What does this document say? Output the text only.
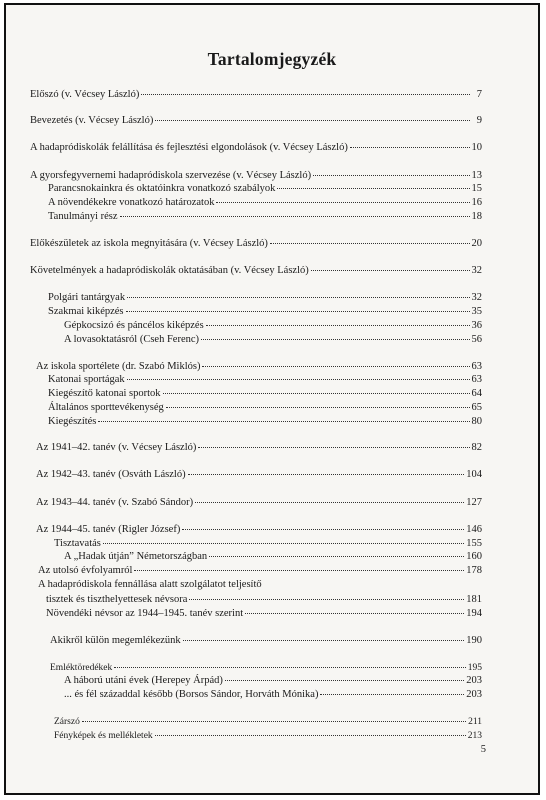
Tartalomjegyzék
Előszó (v. Vécsey László)	7
Bevezetés (v. Vécsey László)	9
A hadapródiskolák felállítása és fejlesztési elgondolások (v. Vécsey László)	10
A gyorsfegyvernemi hadapródiskola szervezése (v. Vécsey László)	13
Parancsnokainkra és oktatóinkra vonatkozó szabályok	15
A növendékekre vonatkozó határozatok	16
Tanulmányi rész	18
Előkészületek az iskola megnyitására (v. Vécsey László)	20
Követelmények a hadapródiskolák oktatásában (v. Vécsey László)	32
Polgári tantárgyak	32
Szakmai kiképzés	35
Gépkocsizó és páncélos kiképzés	36
A lovasoktatásról (Cseh Ferenc)	56
Az iskola sportélete (dr. Szabó Miklós)	63
Katonai sportágak	63
Kiegészítő katonai sportok	64
Általános sporttevékenység	65
Kiegészítés	80
Az 1941–42. tanév (v. Vécsey László)	82
Az 1942–43. tanév (Osváth László)	104
Az 1943–44. tanév (v. Szabó Sándor)	127
Az 1944–45. tanév (Rigler József)	146
Tisztavatás	155
A „Hadak útján” Németországban	160
Az utolsó évfolyamról	178
A hadapródiskola fennállása alatt szolgálatot teljesítő
tisztek és tiszthelyettesek névsora	181
Növendéki névsor az 1944–1945. tanév szerint	194
Akikről külön megemlékezünk	190
Emléktöredékek	195
A háború utáni évek (Herepey Árpád)	203
... és fél századdal később (Borsos Sándor, Horváth Mónika)	203
Zárszó	211
Fényképek és mellékletek	213
5
